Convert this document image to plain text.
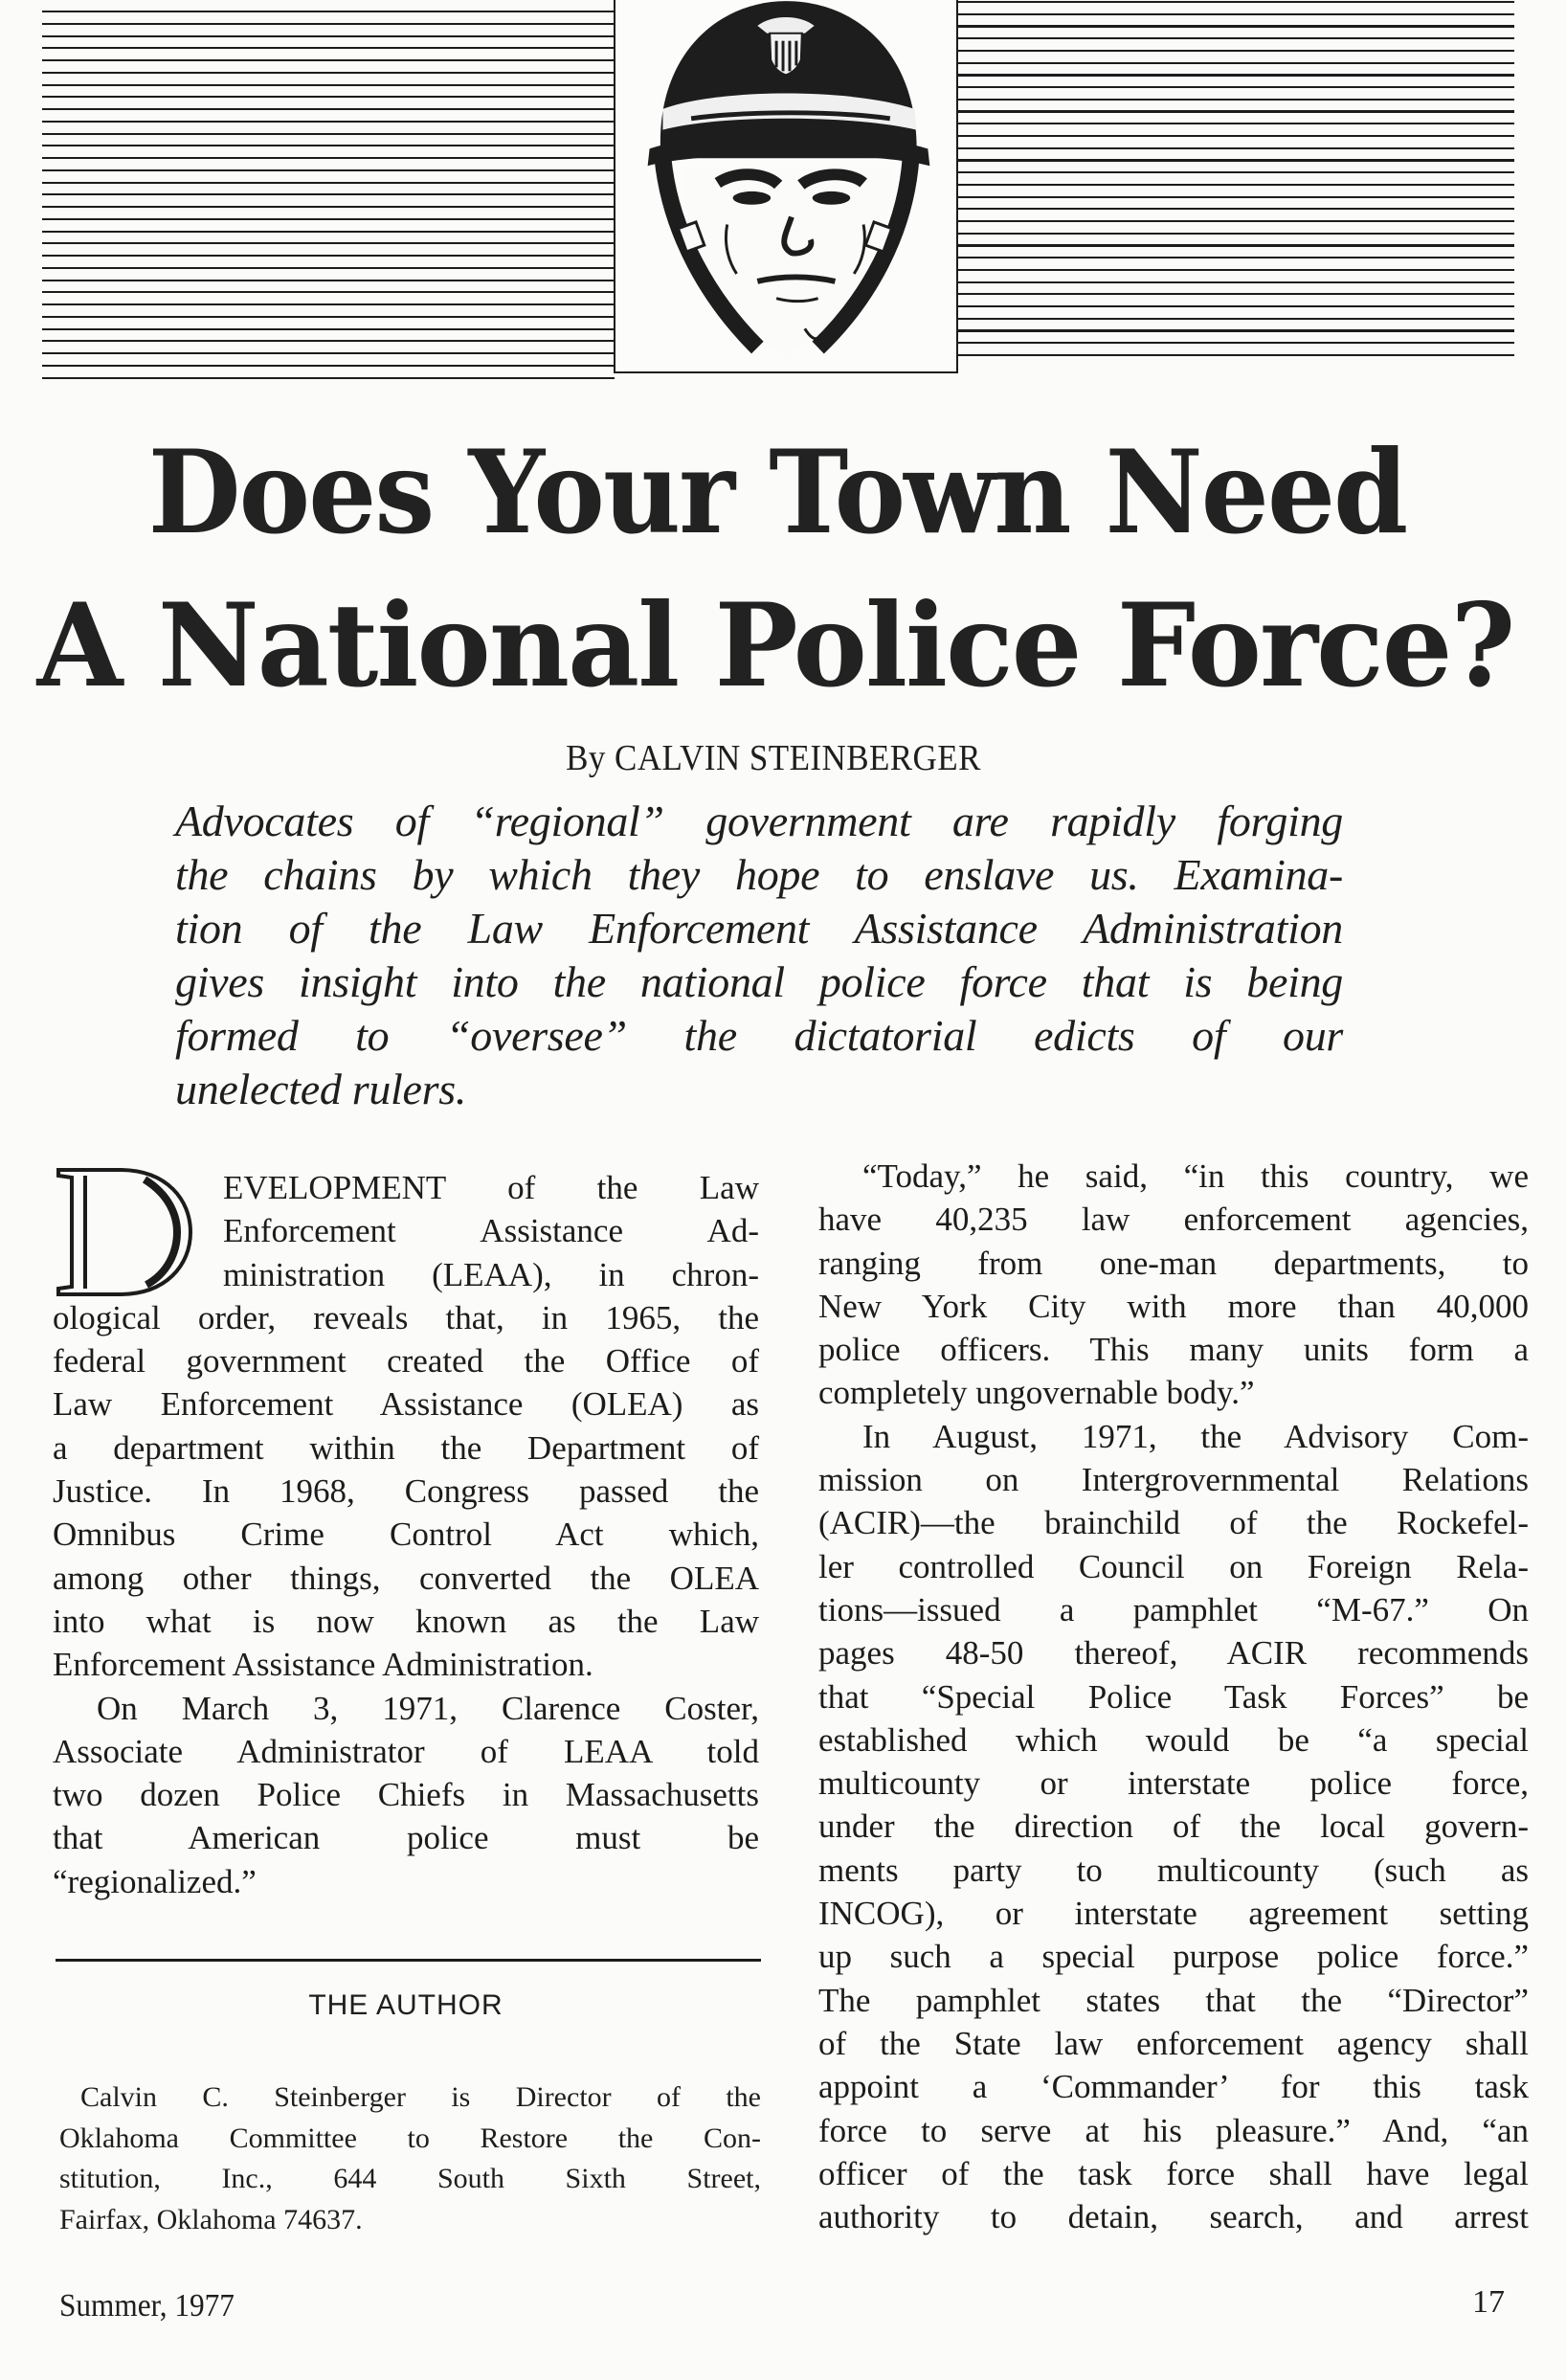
Does Your Town Need
A National Police Force?
By CALVIN STEINBERGER

Advocates of “regional” government are rapidly forging

the chains by which they hope to enslave us. Examina-

tion of the Law Enforcement Assistance Administration

gives insight into the national police force that is being

formed to “oversee” the dictatorial edicts of our

unelected rulers.

EVELOPMENT of the Law
Enforcement Assistance Ad-
ministration (LEAA), in chron-
ological order, reveals that, in 1965, the
federal government created the Office of
Law Enforcement Assistance (OLEA) as
a department within the Department of
Justice. In 1968, Congress passed the
Omnibus Crime Control Act which,
among other things, converted the OLEA
into what is now known as the Law
Enforcement Assistance Administration.
On March 3, 1971, Clarence Coster,
Associate Administrator of LEAA told
two dozen Police Chiefs in Massachusetts
that American police must be
“regionalized.”
THE AUTHOR
Calvin C. Steinberger is Director of the
Oklahoma Committee to Restore the Con-
stitution, Inc., 644 South Sixth Street,
Fairfax, Oklahoma 74637.
“Today,” he said, “in this country, we
have 40,235 law enforcement agencies,
ranging from one-man departments, to
New York City with more than 40,000
police officers. This many units form a
completely ungovernable body.”
In August, 1971, the Advisory Com-
mission on Intergrovernmental Relations
(ACIR)—the brainchild of the Rockefel-
ler controlled Council on Foreign Rela-
tions—issued a pamphlet “M-67.” On
pages 48-50 thereof, ACIR recommends
that “Special Police Task Forces” be
established which would be “a special
multicounty or interstate police force,
under the direction of the local govern-
ments party to multicounty (such as
INCOG), or interstate agreement setting
up such a special purpose police force.”
The pamphlet states that the “Director”
of the State law enforcement agency shall
appoint a ‘Commander’ for this task
force to serve at his pleasure.” And, “an
officer of the task force shall have legal
authority to detain, search, and arrest
Summer, 1977	17
